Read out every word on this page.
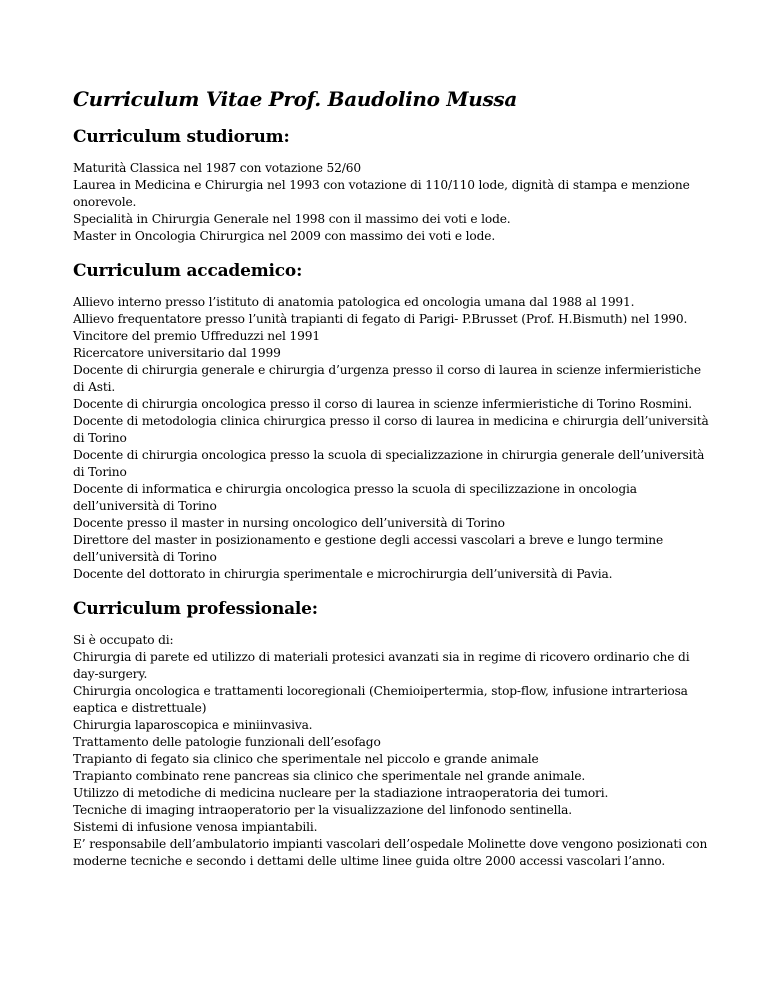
Curriculum Vitae Prof. Baudolino Mussa
Curriculum studiorum:
Maturità Classica nel 1987 con votazione 52/60
Laurea in Medicina e Chirurgia nel 1993 con votazione di 110/110 lode, dignità di stampa e menzione onorevole.
Specialità in Chirurgia Generale nel 1998 con il massimo dei voti e lode.
Master in Oncologia Chirurgica nel 2009 con massimo dei voti e lode.
Curriculum accademico:
Allievo interno presso l’istituto di anatomia patologica ed oncologia umana dal 1988 al 1991.
Allievo frequentatore presso l’unità trapianti di fegato di Parigi- P.Brusset (Prof. H.Bismuth) nel 1990.
Vincitore del premio Uffreduzzi nel 1991
Ricercatore universitario dal 1999
Docente di chirurgia generale e chirurgia d’urgenza presso il corso di laurea in scienze infermieristiche di Asti.
Docente di chirurgia oncologica presso il corso di laurea in scienze infermieristiche di Torino Rosmini.
Docente di metodologia clinica chirurgica presso il corso di laurea in medicina e chirurgia dell’università di Torino
Docente di chirurgia oncologica presso la scuola di specializzazione in chirurgia generale dell’università di Torino
Docente di informatica e chirurgia oncologica presso la scuola di specilizzazione in oncologia dell’università di Torino
Docente presso il master in nursing oncologico dell’università di Torino
Direttore del master in posizionamento e gestione degli accessi vascolari a breve e lungo termine dell’università di Torino
Docente del dottorato in chirurgia sperimentale e microchirurgia dell’università di Pavia.
Curriculum professionale:
Si è occupato di:
Chirurgia di parete ed utilizzo di materiali protesici avanzati sia in regime di ricovero ordinario che di day-surgery.
Chirurgia oncologica e trattamenti locoregionali (Chemioipertermia, stop-flow, infusione intrarteriosa eaptica e distrettuale)
Chirurgia laparoscopica e miniinvasiva.
Trattamento delle patologie funzionali dell’esofago
Trapianto di fegato sia clinico che sperimentale nel piccolo e grande animale
Trapianto combinato rene pancreas sia clinico che sperimentale nel grande animale.
Utilizzo di metodiche di medicina nucleare per la stadiazione intraoperatoria dei tumori.
Tecniche di imaging intraoperatorio per la visualizzazione del linfonodo sentinella.
Sistemi di infusione venosa impiantabili.
E’ responsabile dell’ambulatorio impianti vascolari dell’ospedale Molinette dove vengono posizionati con moderne tecniche e secondo i dettami delle ultime linee guida oltre 2000 accessi vascolari l’anno.
